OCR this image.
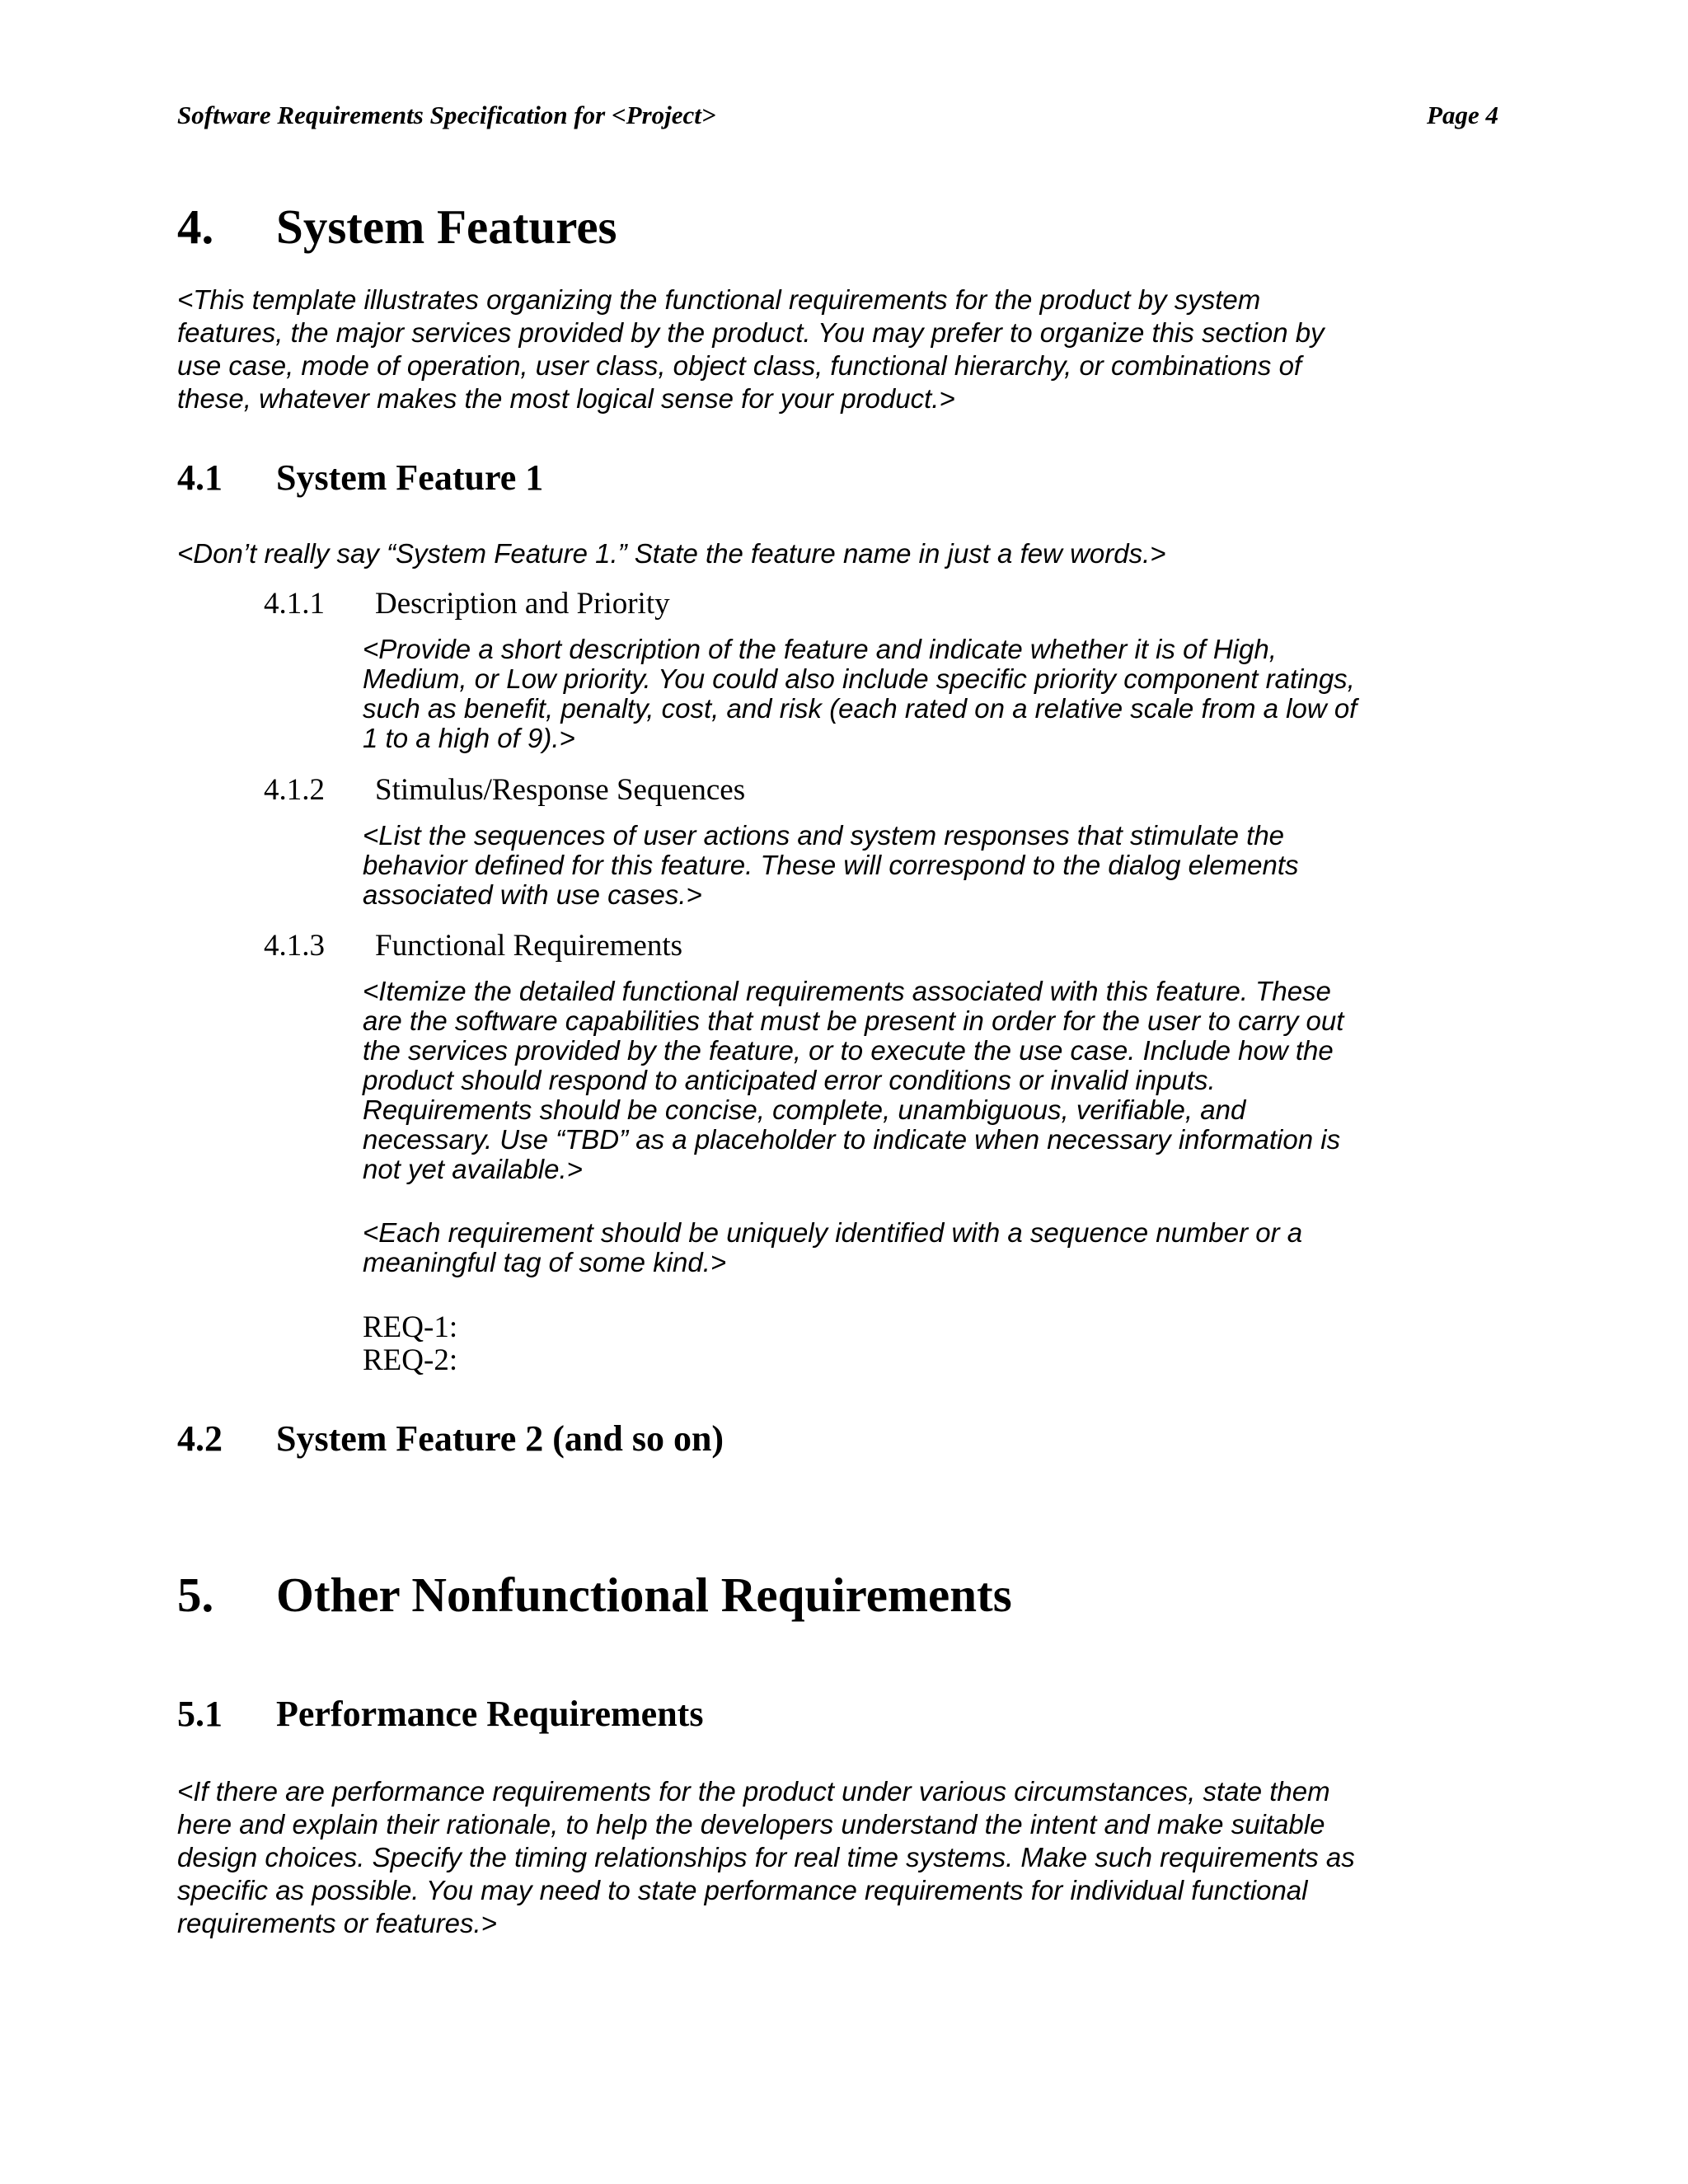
Software Requirements Specification for <Project>	Page 4
4. System Features
<This template illustrates organizing the functional requirements for the product by system
features, the major services provided by the product. You may prefer to organize this section by
use case, mode of operation, user class, object class, functional hierarchy, or combinations of
these, whatever makes the most logical sense for your product.>
4.1 System Feature 1
<Don’t really say “System Feature 1.” State the feature name in just a few words.>
4.1.1 Description and Priority
<Provide a short description of the feature and indicate whether it is of High,
Medium, or Low priority. You could also include specific priority component ratings,
such as benefit, penalty, cost, and risk (each rated on a relative scale from a low of
1 to a high of 9).>
4.1.2 Stimulus/Response Sequences
<List the sequences of user actions and system responses that stimulate the
behavior defined for this feature. These will correspond to the dialog elements
associated with use cases.>
4.1.3 Functional Requirements
<Itemize the detailed functional requirements associated with this feature. These
are the software capabilities that must be present in order for the user to carry out
the services provided by the feature, or to execute the use case. Include how the
product should respond to anticipated error conditions or invalid inputs.
Requirements should be concise, complete, unambiguous, verifiable, and
necessary. Use “TBD” as a placeholder to indicate when necessary information is
not yet available.>
<Each requirement should be uniquely identified with a sequence number or a
meaningful tag of some kind.>
REQ-1:
REQ-2:
4.2 System Feature 2 (and so on)
5. Other Nonfunctional Requirements
5.1 Performance Requirements
<If there are performance requirements for the product under various circumstances, state them
here and explain their rationale, to help the developers understand the intent and make suitable
design choices. Specify the timing relationships for real time systems. Make such requirements as
specific as possible. You may need to state performance requirements for individual functional
requirements or features.>
